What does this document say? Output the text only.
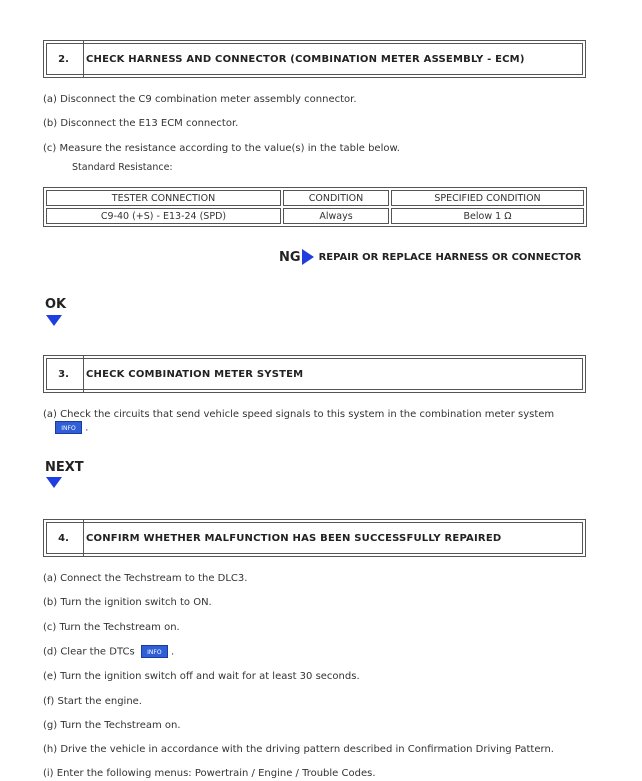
2.	CHECK HARNESS AND CONNECTOR (COMBINATION METER ASSEMBLY - ECM)
(a) Disconnect the C9 combination meter assembly connector.
(b) Disconnect the E13 ECM connector.
(c) Measure the resistance according to the value(s) in the table below.
Standard Resistance:
TESTER CONNECTION	CONDITION	SPECIFIED CONDITION
C9-40 (+S) - E13-24 (SPD)	Always	Below 1 Ω
NG REPAIR OR REPLACE HARNESS OR CONNECTOR
OK
3.	CHECK COMBINATION METER SYSTEM
(a) Check the circuits that send vehicle speed signals to this system in the combination meter system
INFO .
NEXT
4.	CONFIRM WHETHER MALFUNCTION HAS BEEN SUCCESSFULLY REPAIRED
(a) Connect the Techstream to the DLC3.
(b) Turn the ignition switch to ON.
(c) Turn the Techstream on.
(d) Clear the DTCs INFO .
(e) Turn the ignition switch off and wait for at least 30 seconds.
(f) Start the engine.
(g) Turn the Techstream on.
(h) Drive the vehicle in accordance with the driving pattern described in Confirmation Driving Pattern.
(i) Enter the following menus: Powertrain / Engine / Trouble Codes.
